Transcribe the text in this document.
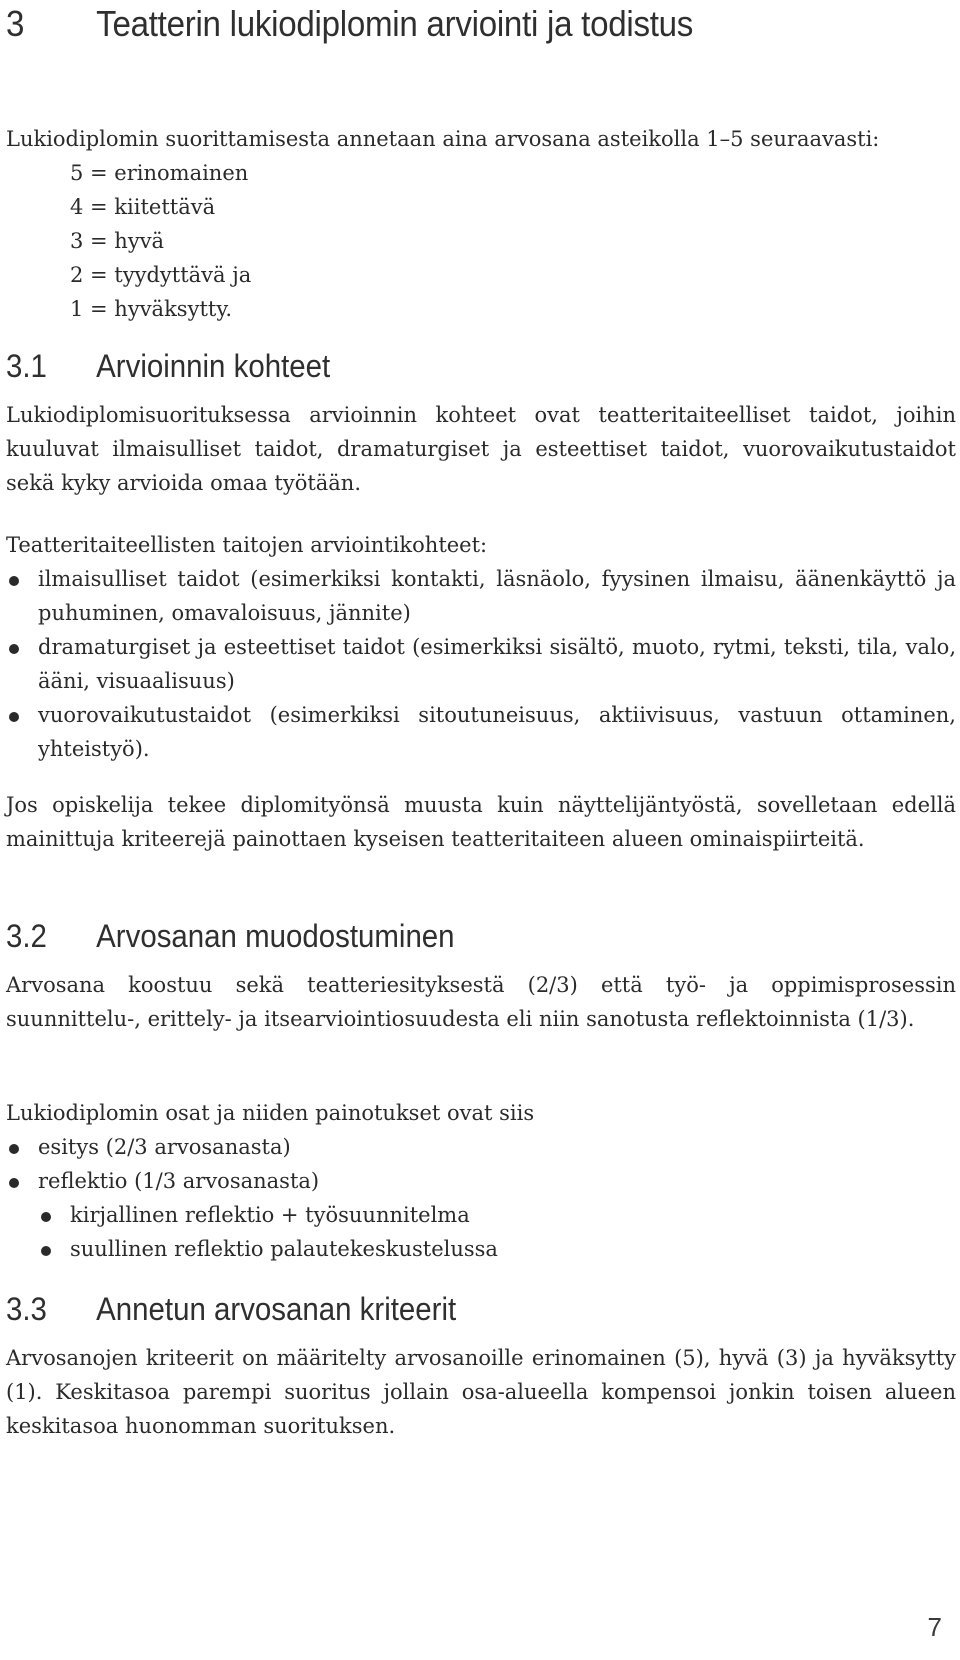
3 Teatterin lukiodiplomin arviointi ja todistus

Lukiodiplomin suorittamisesta annetaan aina arvosana asteikolla 1–5 seuraavasti:

5 = erinomainen
4 = kiitettävä
3 = hyvä
2 = tyydyttävä ja
1 = hyväksytty.
3.1 Arvioinnin kohteet

Lukiodiplomisuorituksessa arvioinnin kohteet ovat teatteritaiteelliset taidot, joihin kuuluvat ilmaisulliset taidot, dramaturgiset ja esteettiset taidot, vuorovaikutustaidot sekä kyky arvioida omaa työtään.

Teatteritaiteellisten taitojen arviointikohteet:

ilmaisulliset taidot (esimerkiksi kontakti, läsnäolo, fyysinen ilmaisu, äänenkäyttö ja puhuminen, omavaloisuus, jännite)
dramaturgiset ja esteettiset taidot (esimerkiksi sisältö, muoto, rytmi, teksti, tila, valo, ääni, visuaalisuus)
vuorovaikutustaidot (esimerkiksi sitoutuneisuus, aktiivisuus, vastuun ottaminen, yhteistyö).

Jos opiskelija tekee diplomityönsä muusta kuin näyttelijäntyöstä, sovelletaan edellä mainittuja kriteerejä painottaen kyseisen teatteritaiteen alueen ominaispiirteitä.

3.2 Arvosanan muodostuminen

Arvosana koostuu sekä teatteriesityksestä (2/3) että työ- ja oppimisprosessin suunnittelu-, erittely- ja itsearviointiosuudesta eli niin sanotusta reflektoinnista (1/3).

Lukiodiplomin osat ja niiden painotukset ovat siis

esitys (2/3 arvosanasta)
reflektio (1/3 arvosanasta)
kirjallinen reflektio + työsuunnitelma
suullinen reflektio palautekeskustelussa
3.3 Annetun arvosanan kriteerit

Arvosanojen kriteerit on määritelty arvosanoille erinomainen (5), hyvä (3) ja hyväksytty (1). Keskitasoa parempi suoritus jollain osa-alueella kompensoi jonkin toisen alueen keskitasoa huonomman suorituksen.

7
